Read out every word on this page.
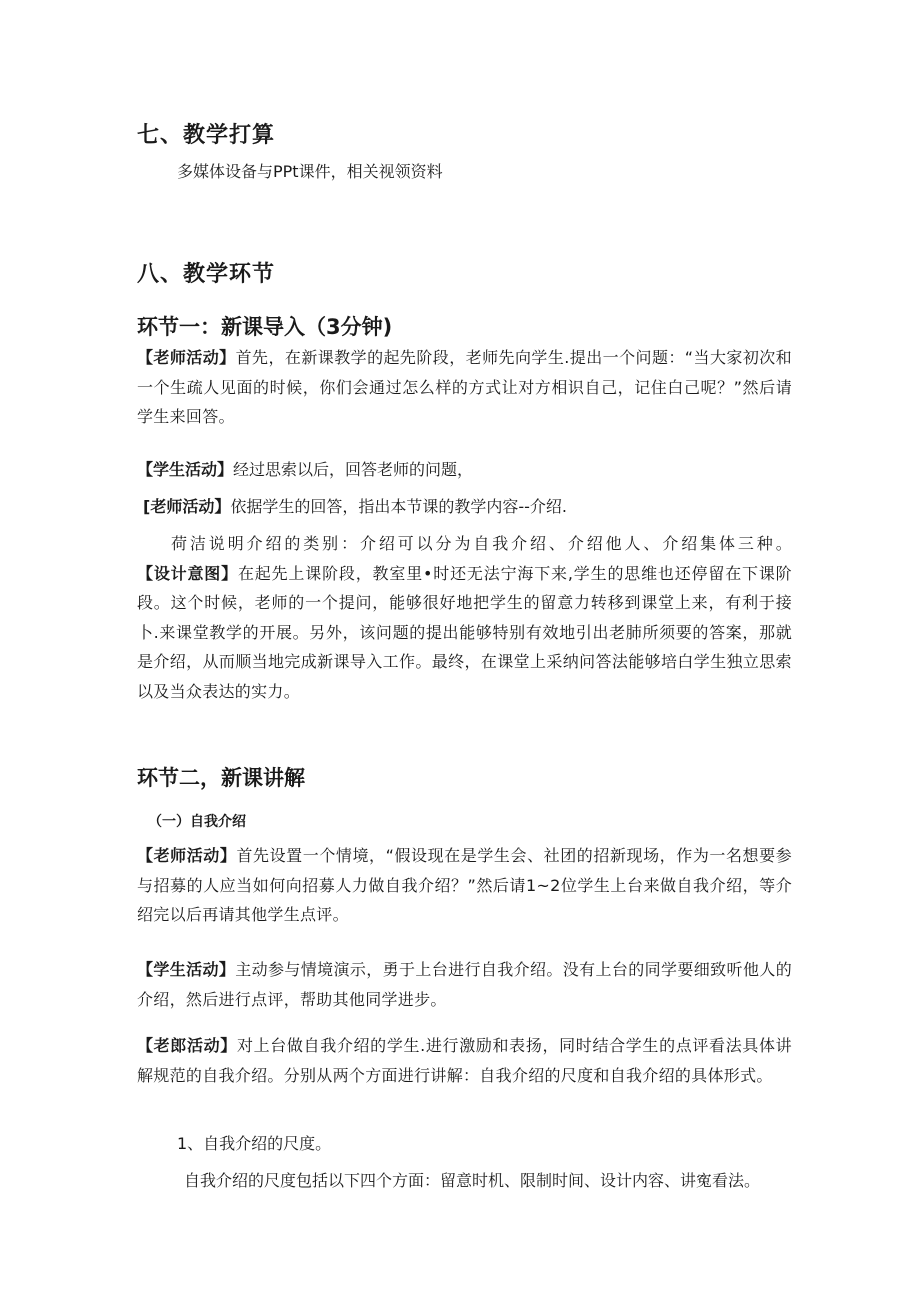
七、教学打算
多媒体设备与PPt课件，相关视领资料
八、教学环节
环节一：新课导入（3分钟)
【老师活动】首先，在新课教学的起先阶段，老师先向学生.提出一个问题：“当大家初次和一个生疏人见面的时候，你们会通过怎么样的方式让对方相识自己，记住白己呢？”然后请学生来回答。
【学生活动】经过思索以后，回答老师的问题，
[老师活动】依据学生的回答，指出本节课的教学内容--介绍.
荷洁说明介绍的类别：介绍可以分为自我介绍、介绍他人、介绍集体三种。【设计意图】在起先上课阶段，教室里•时还无法宁海下来,学生的思维也还停留在下课阶段。这个时候，老师的一个提问，能够很好地把学生的留意力转移到课堂上来，有利于接卜.来课堂教学的开展。另外，该问题的提出能够特别有效地引出老肺所须要的答案，那就是介绍，从而顺当地完成新课导入工作。最终，在课堂上采纳问答法能够培白学生独立思索以及当众表达的实力。
环节二，新课讲解
（一）自我介绍
【老师活动】首先设置一个情境，“假设现在是学生会、社团的招新现场，作为一名想要参与招募的人应当如何向招募人力做自我介绍？”然后请1~2位学生上台来做自我介绍，等介绍完以后再请其他学生点评。
【学生活动】主动参与情境演示，勇于上台进行自我介绍。没有上台的同学要细致听他人的介绍，然后进行点评，帮助其他同学进步。
【老郎活动】对上台做自我介绍的学生.进行激励和表扬，同时结合学生的点评看法具体讲解规范的自我介绍。分别从两个方面进行讲解：自我介绍的尺度和自我介绍的具体形式。
1、自我介绍的尺度。
自我介绍的尺度包括以下四个方面：留意时机、限制时间、设计内容、讲寃看法。
